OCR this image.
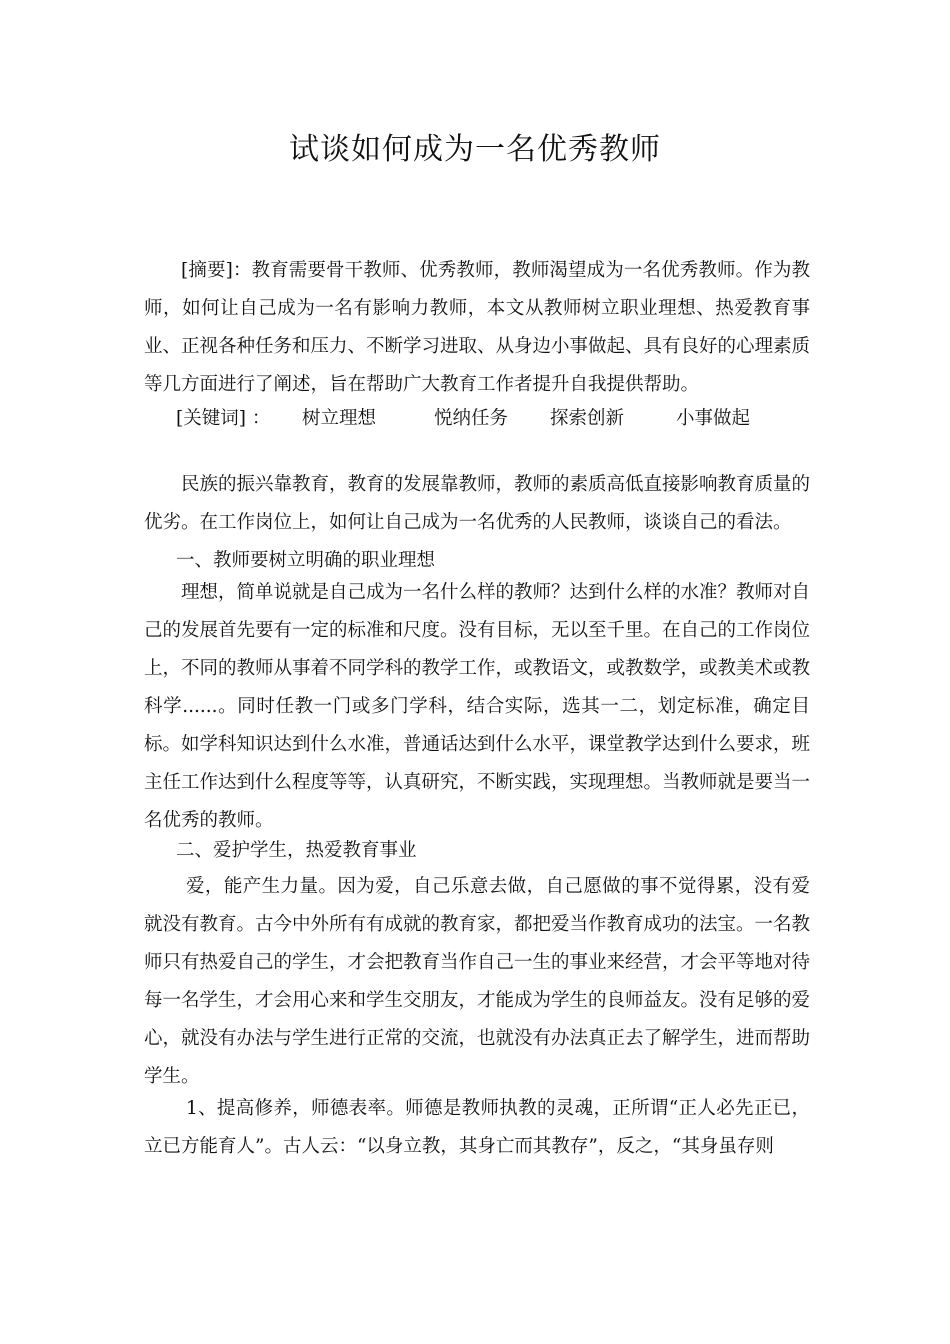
试谈如何成为一名优秀教师
[摘要]：教育需要骨干教师、优秀教师，教师渴望成为一名优秀教师。作为教师，如何让自己成为一名有影响力教师，本文从教师树立职业理想、热爱教育事业、正视各种任务和压力、不断学习进取、从身边小事做起、具有良好的心理素质等几方面进行了阐述，旨在帮助广大教育工作者提升自我提供帮助。
[关键词] ： 树立理想	悦纳任务 探索创新	小事做起
民族的振兴靠教育，教育的发展靠教师，教师的素质高低直接影响教育质量的优劣。在工作岗位上，如何让自己成为一名优秀的人民教师，谈谈自己的看法。
一、教师要树立明确的职业理想
理想，简单说就是自己成为一名什么样的教师？达到什么样的水准？教师对自己的发展首先要有一定的标准和尺度。没有目标，无以至千里。在自己的工作岗位上，不同的教师从事着不同学科的教学工作，或教语文，或教数学，或教美术或教科学......。同时任教一门或多门学科，结合实际，选其一二，划定标准，确定目标。如学科知识达到什么水准，普通话达到什么水平，课堂教学达到什么要求，班主任工作达到什么程度等等，认真研究，不断实践，实现理想。当教师就是要当一名优秀的教师。
二、爱护学生，热爱教育事业
爱，能产生力量。因为爱，自己乐意去做，自己愿做的事不觉得累，没有爱就没有教育。古今中外所有有成就的教育家，都把爱当作教育成功的法宝。一名教师只有热爱自己的学生，才会把教育当作自己一生的事业来经营，才会平等地对待每一名学生，才会用心来和学生交朋友，才能成为学生的良师益友。没有足够的爱心，就没有办法与学生进行正常的交流，也就没有办法真正去了解学生，进而帮助学生。
1、提高修养，师德表率。师德是教师执教的灵魂，正所谓“正人必先正已，立已方能育人”。古人云：“以身立教，其身亡而其教存”，反之，“其身虽存则
